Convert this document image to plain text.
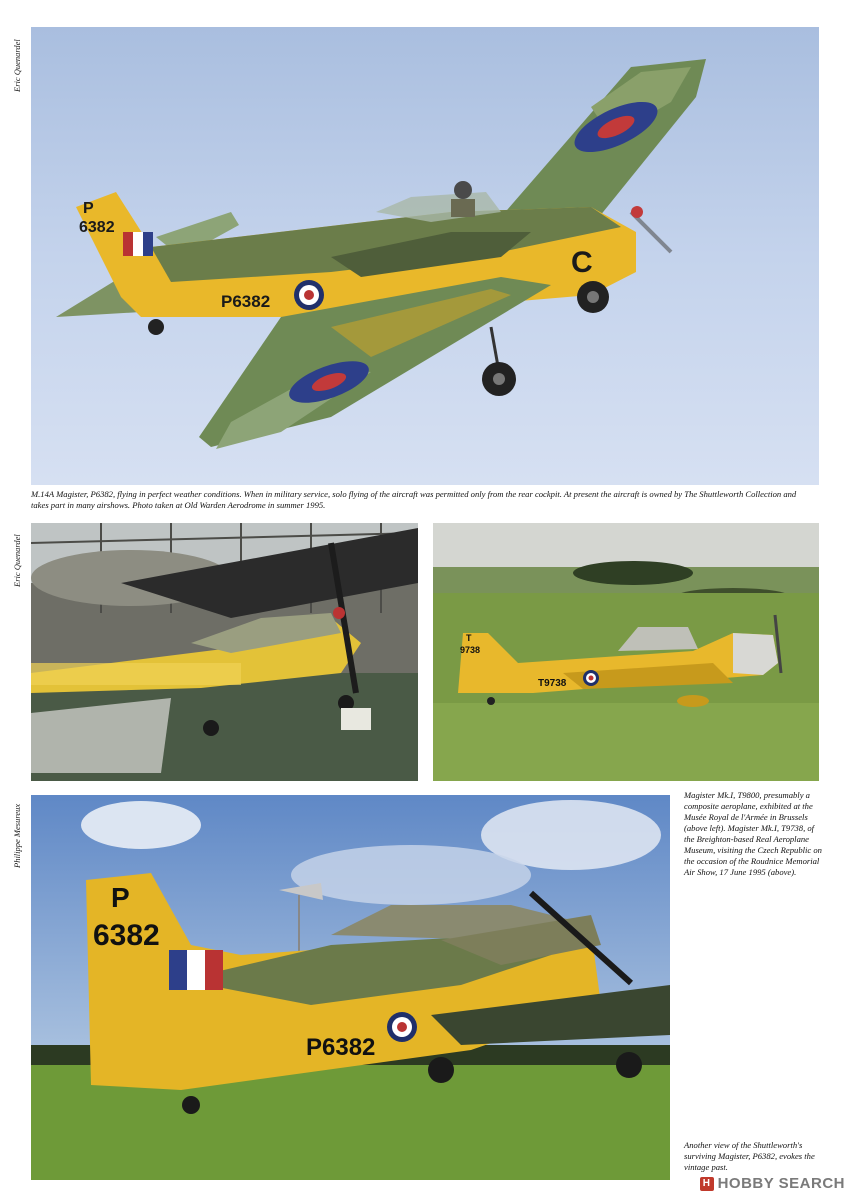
P
6382
P6382
C
Eric Quenardel
M.14A Magister, P6382, flying in perfect weather conditions. When in military service, solo flying of the aircraft was permitted only from the rear cockpit. At present the aircraft is owned by The Shuttleworth Collection and takes part in many airshows. Photo taken at Old Warden Aerodrome in summer 1995.
Eric Quenardel
T
9738
T9738
P
6382
P6382
Philippe Mesureux
Magister Mk.I, T9800, presumably a composite aeroplane, exhibited at the Musée Royal de l'Armée in Brussels (above left). Magister Mk.I, T9738, of the Breighton-based Real Aeroplane Museum, visiting the Czech Republic on the occasion of the Roudnice Memorial Air Show, 17 June 1995 (above).
Another view of the Shuttleworth's surviving Magister, P6382, evokes the vintage past.
H HOBBY SEARCH
